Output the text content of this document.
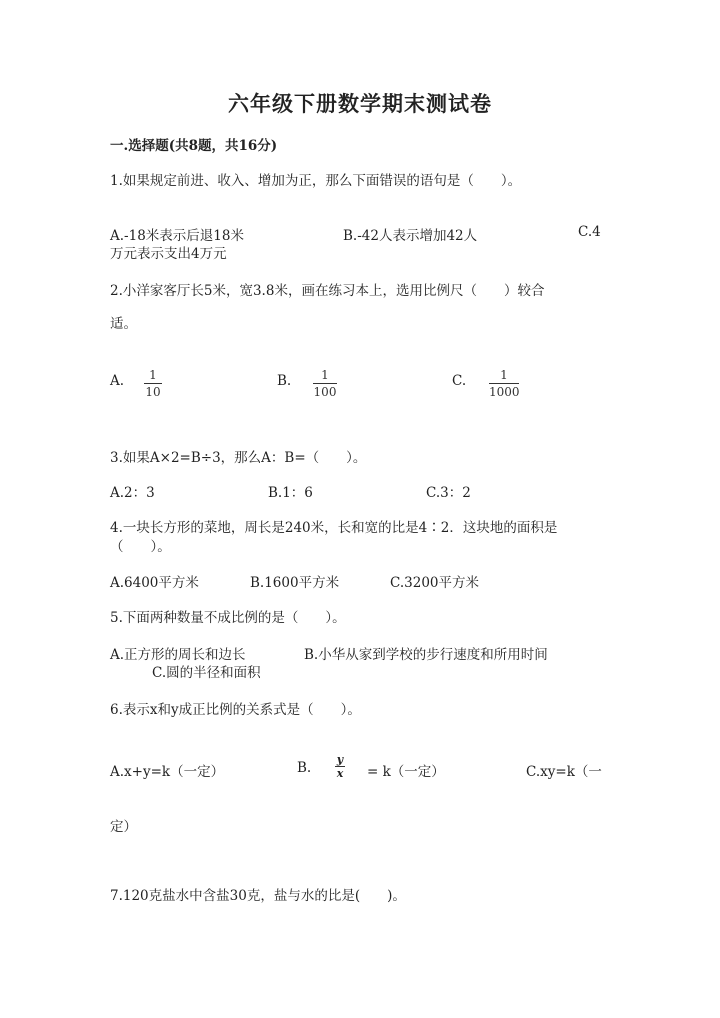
六年级下册数学期末测试卷
一.选择题(共8题，共16分)
1.如果规定前进、收入、增加为正，那么下面错误的语句是（　　）。
A.-18米表示后退18米	B.-42人表示增加42人	C.4
万元表示支出4万元
2.小洋家客厅长5米，宽3.8米，画在练习本上，选用比例尺（　　）较合
适。
A.	1
10
B.	1
100
C.	1
1000
3.如果A×2=B÷3，那么A：B=（　　）。
A.2：3	B.1：6	C.3：2
4.一块长方形的菜地，周长是240米，长和宽的比是4∶2．这块地的面积是
（　　）。
A.6400平方米	B.1600平方米	C.3200平方米
5.下面两种数量不成比例的是（　　）。
A.正方形的周长和边长	B.小华从家到学校的步行速度和所用时间
C.圆的半径和面积
6.表示x和y成正比例的关系式是（　　）。
A.x+y=k（一定）	B.
y
x = k（一定）	C.xy=k（一
定）
7.120克盐水中含盐30克，盐与水的比是(　　)。
